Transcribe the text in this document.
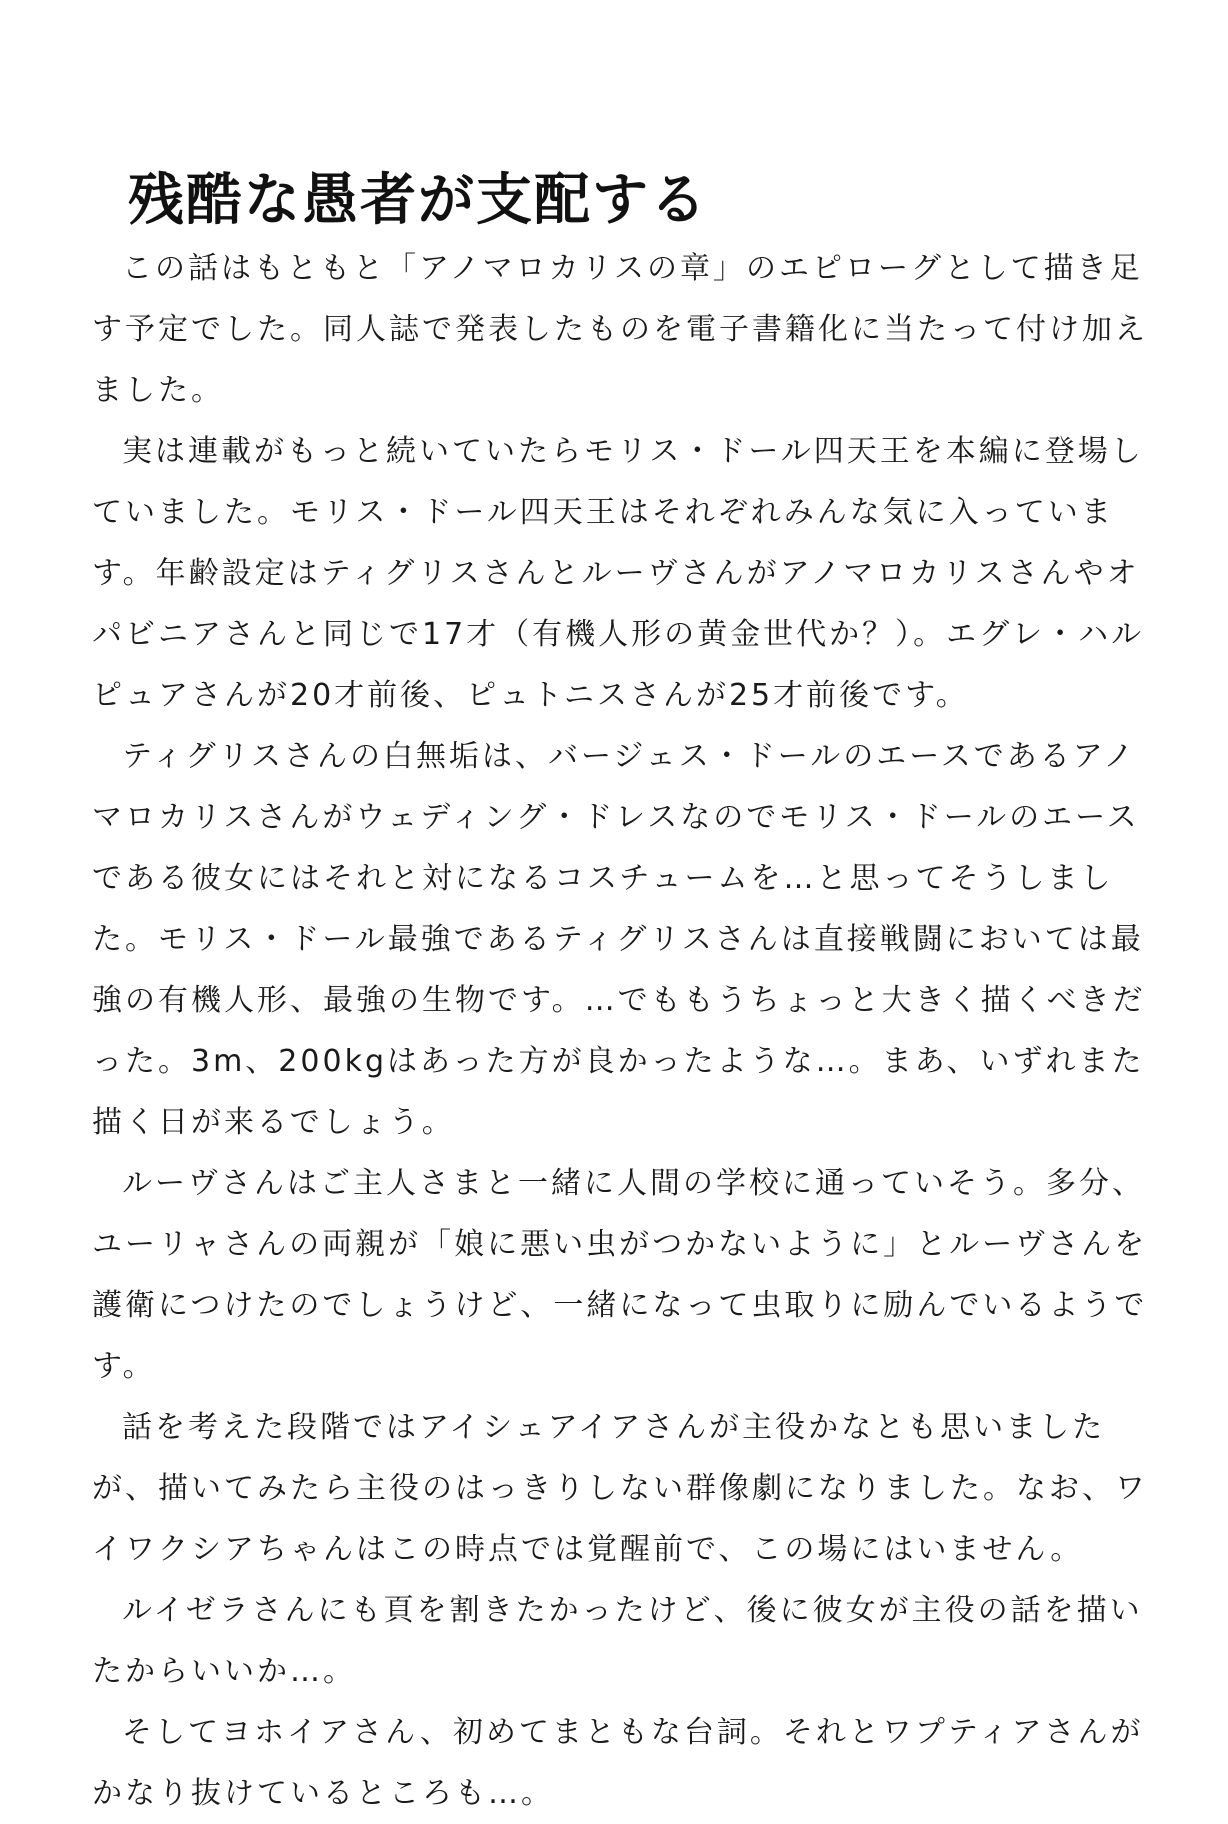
残酷な愚者が支配する

この話はもともと「アノマロカリスの章」のエピローグとして描き足す予定でした。同人誌で発表したものを電子書籍化に当たって付け加えました。

実は連載がもっと続いていたらモリス・ドール四天王を本編に登場していました。モリス・ドール四天王はそれぞれみんな気に入っています。年齢設定はティグリスさんとルーヴさんがアノマロカリスさんやオパビニアさんと同じで17才（有機人形の黄金世代か？）。エグレ・ハルピュアさんが20才前後、ピュトニスさんが25才前後です。

ティグリスさんの白無垢は、バージェス・ドールのエースであるアノマロカリスさんがウェディング・ドレスなのでモリス・ドールのエースである彼女にはそれと対になるコスチュームを…と思ってそうしました。モリス・ドール最強であるティグリスさんは直接戦闘においては最強の有機人形、最強の生物です。…でももうちょっと大きく描くべきだった。3m、200kgはあった方が良かったような…。まあ、いずれまた描く日が来るでしょう。

ルーヴさんはご主人さまと一緒に人間の学校に通っていそう。多分、ユーリャさんの両親が「娘に悪い虫がつかないように」とルーヴさんを護衛につけたのでしょうけど、一緒になって虫取りに励んでいるようです。

話を考えた段階ではアイシェアイアさんが主役かなとも思いましたが、描いてみたら主役のはっきりしない群像劇になりました。なお、ワイワクシアちゃんはこの時点では覚醒前で、この場にはいません。

ルイゼラさんにも頁を割きたかったけど、後に彼女が主役の話を描いたからいいか…。

そしてヨホイアさん、初めてまともな台詞。それとワプティアさんがかなり抜けているところも…。
